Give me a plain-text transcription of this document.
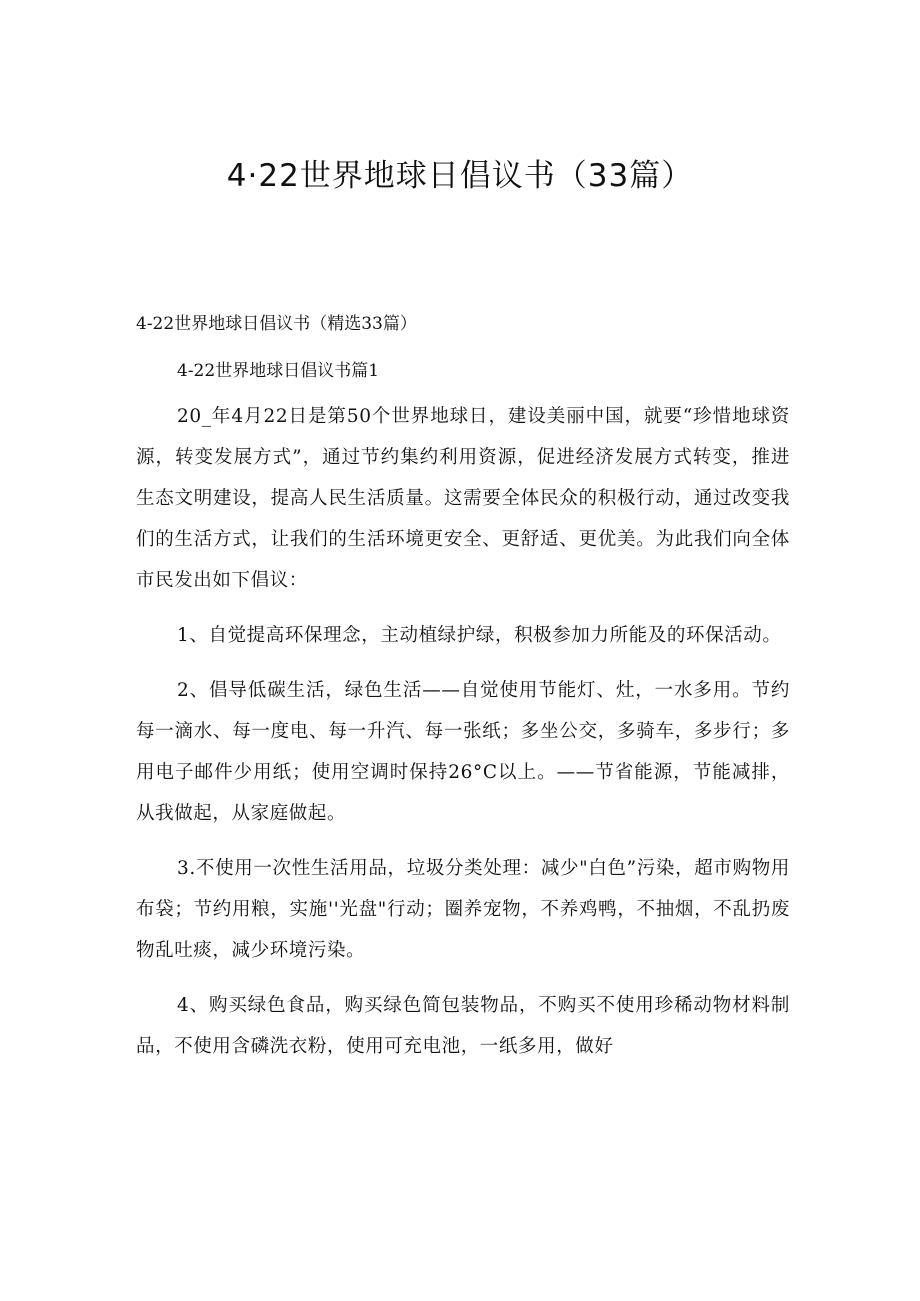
4·22世界地球日倡议书（33篇）

4-22世界地球日倡议书（精选33篇）

4-22世界地球日倡议书篇1

20_年4月22日是第50个世界地球日，建设美丽中国，就要“珍惜地球资源，转变发展方式”，通过节约集约利用资源，促进经济发展方式转变，推进生态文明建设，提高人民生活质量。这需要全体民众的积极行动，通过改变我们的生活方式，让我们的生活环境更安全、更舒适、更优美。为此我们向全体市民发出如下倡议：

1、自觉提高环保理念，主动植绿护绿，积极参加力所能及的环保活动。

2、倡导低碳生活，绿色生活——自觉使用节能灯、灶，一水多用。节约每一滴水、每一度电、每一升汽、每一张纸；多坐公交，多骑车，多步行；多用电子邮件少用纸；使用空调时保持26°C以上。——节省能源，节能减排，从我做起，从家庭做起。

3.不使用一次性生活用品，垃圾分类处理：减少"白色”污染，超市购物用布袋；节约用粮，实施''光盘"行动；圈养宠物，不养鸡鸭，不抽烟，不乱扔废物乱吐痰，减少环境污染。

4、购买绿色食品，购买绿色简包装物品，不购买不使用珍稀动物材料制品，不使用含磷洗衣粉，使用可充电池，一纸多用，做好
